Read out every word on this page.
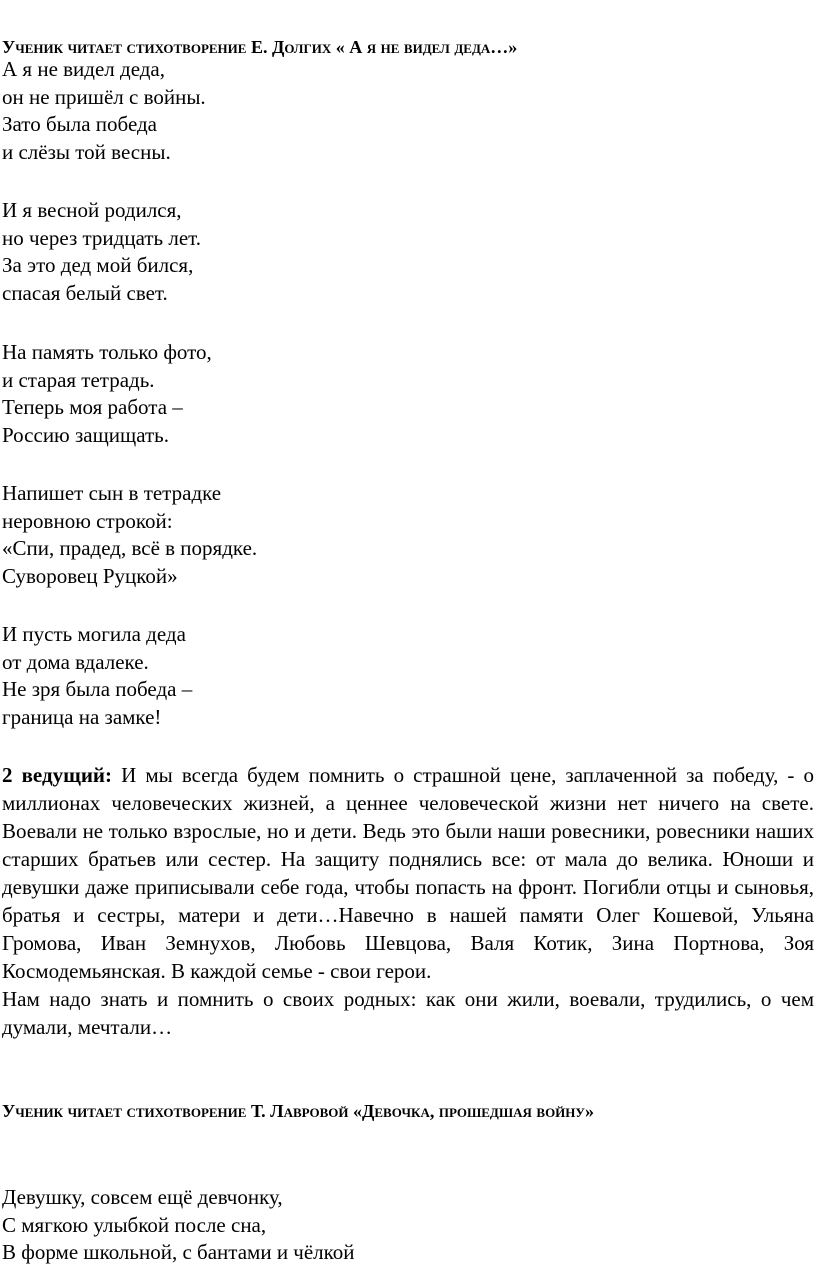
Ученик читает стихотворение Е. Долгих « А я не видел деда…»
А я не видел деда,
он не пришёл с войны.
Зато была победа
и слёзы той весны.
И я весной родился,
но через тридцать лет.
За это дед мой бился,
спасая белый свет.
На память только фото,
и старая тетрадь.
Теперь моя работа –
Россию защищать.
Напишет сын в тетрадке
неровною строкой:
«Спи, прадед, всё в порядке.
Суворовец Руцкой»
И пусть могила деда
от дома вдалеке.
Не зря была победа –
граница на замке!

2 ведущий: И мы всегда будем помнить о страшной цене, заплаченной за победу, - о миллионах человеческих жизней, а ценнее человеческой жизни нет ничего на свете. Воевали не только взрослые, но и дети. Ведь это были наши ровесники, ровесники наших старших братьев или сестер. На защиту поднялись все: от мала до велика. Юноши и девушки даже приписывали себе года, чтобы попасть на фронт. Погибли отцы и сыновья, братья и сестры, матери и дети…Навечно в нашей памяти Олег Кошевой, Ульяна Громова, Иван Земнухов, Любовь Шевцова, Валя Котик, Зина Портнова, Зоя Космодемьянская. В каждой семье - свои герои.

Нам надо знать и помнить о своих родных: как они жили, воевали, трудились, о чем думали, мечтали…

Ученик читает стихотворение Т. Лавровой «Девочка, прошедшая войну»
Девушку, совсем ещё девчонку,
С мягкою улыбкой после сна,
В форме школьной, с бантами и чёлкой
